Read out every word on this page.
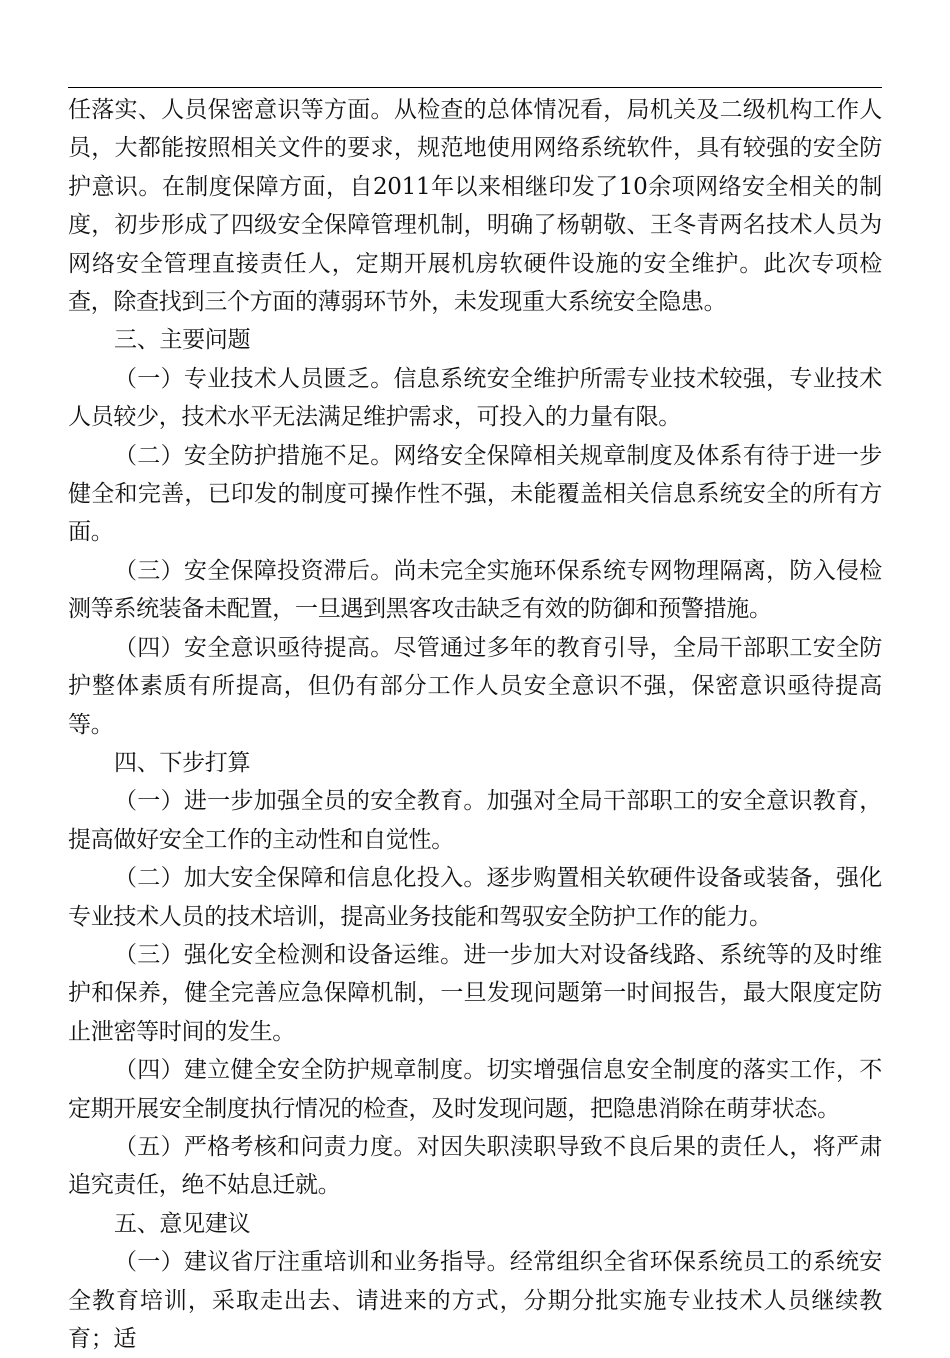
任落实、人员保密意识等方面。从检查的总体情况看，局机关及二级机构工作人员，大都能按照相关文件的要求，规范地使用网络系统软件，具有较强的安全防护意识。在制度保障方面，自2011年以来相继印发了10余项网络安全相关的制度，初步形成了四级安全保障管理机制，明确了杨朝敬、王冬青两名技术人员为网络安全管理直接责任人，定期开展机房软硬件设施的安全维护。此次专项检查，除查找到三个方面的薄弱环节外，未发现重大系统安全隐患。

三、主要问题

（一）专业技术人员匮乏。信息系统安全维护所需专业技术较强，专业技术人员较少，技术水平无法满足维护需求，可投入的力量有限。

（二）安全防护措施不足。网络安全保障相关规章制度及体系有待于进一步健全和完善，已印发的制度可操作性不强，未能覆盖相关信息系统安全的所有方面。

（三）安全保障投资滞后。尚未完全实施环保系统专网物理隔离，防入侵检测等系统装备未配置，一旦遇到黑客攻击缺乏有效的防御和预警措施。

（四）安全意识亟待提高。尽管通过多年的教育引导，全局干部职工安全防护整体素质有所提高，但仍有部分工作人员安全意识不强，保密意识亟待提高等。

四、下步打算

（一）进一步加强全员的安全教育。加强对全局干部职工的安全意识教育，提高做好安全工作的主动性和自觉性。

（二）加大安全保障和信息化投入。逐步购置相关软硬件设备或装备，强化专业技术人员的技术培训，提高业务技能和驾驭安全防护工作的能力。

（三）强化安全检测和设备运维。进一步加大对设备线路、系统等的及时维护和保养，健全完善应急保障机制，一旦发现问题第一时间报告，最大限度定防止泄密等时间的发生。

（四）建立健全安全防护规章制度。切实增强信息安全制度的落实工作，不定期开展安全制度执行情况的检查，及时发现问题，把隐患消除在萌芽状态。

（五）严格考核和问责力度。对因失职渎职导致不良后果的责任人，将严肃追究责任，绝不姑息迁就。

五、意见建议

（一）建议省厅注重培训和业务指导。经常组织全省环保系统员工的系统安全教育培训，采取走出去、请进来的方式，分期分批实施专业技术人员继续教育；适
